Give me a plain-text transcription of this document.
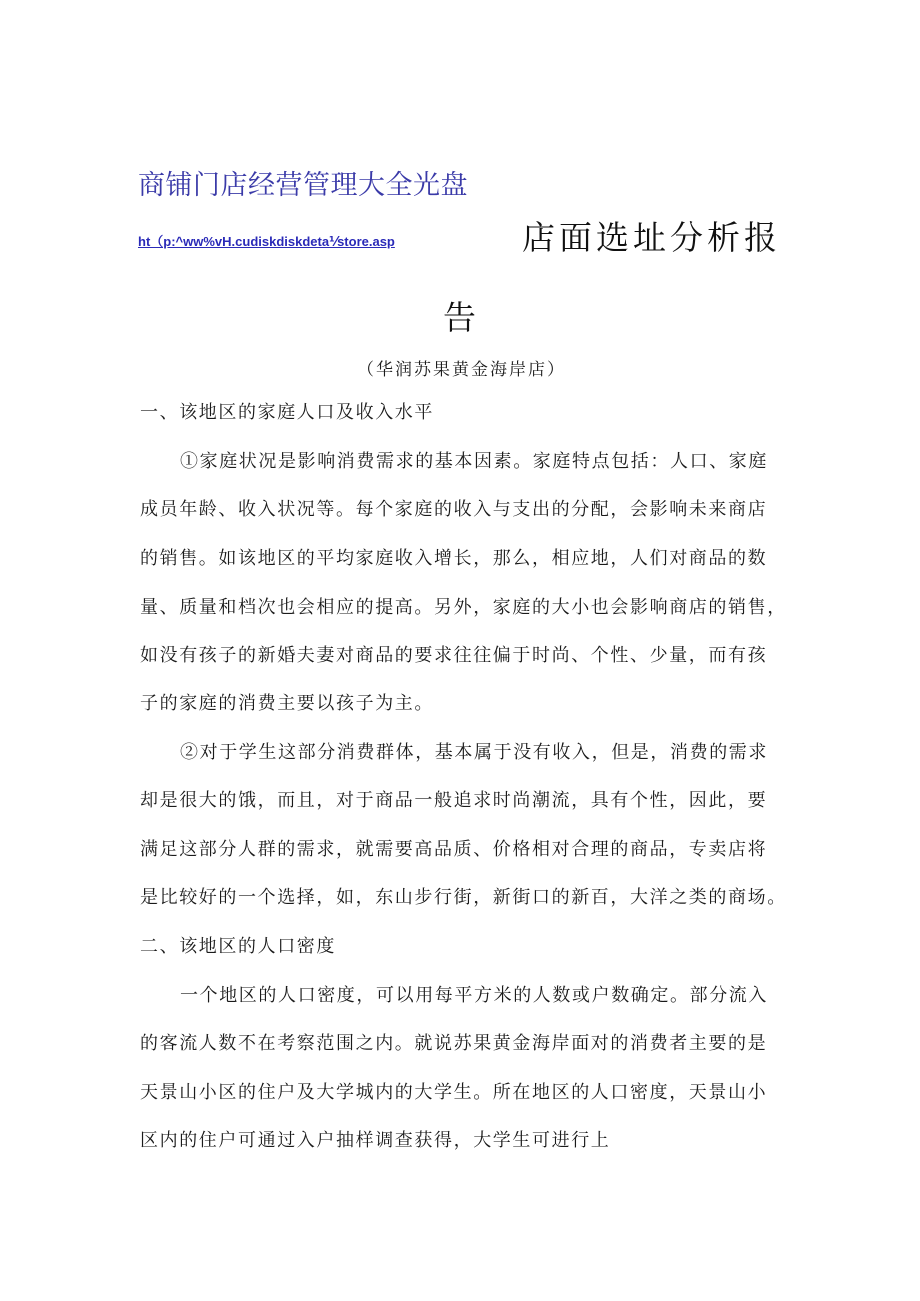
商铺门店经营管理大全光盘
ht（p:^ww%vH.cudiskdiskdeta⅟store.asp	店面选址分析报
告
（华润苏果黄金海岸店）
一、该地区的家庭人口及收入水平
①家庭状况是影响消费需求的基本因素。家庭特点包括：人口、家庭
成员年龄、收入状况等。每个家庭的收入与支出的分配，会影响未来商店
的销售。如该地区的平均家庭收入增长，那么，相应地，人们对商品的数
量、质量和档次也会相应的提高。另外，家庭的大小也会影响商店的销售，
如没有孩子的新婚夫妻对商品的要求往往偏于时尚、个性、少量，而有孩
子的家庭的消费主要以孩子为主。
②对于学生这部分消费群体，基本属于没有收入，但是，消费的需求
却是很大的饿，而且，对于商品一般追求时尚潮流，具有个性，因此，要
满足这部分人群的需求，就需要高品质、价格相对合理的商品，专卖店将
是比较好的一个选择，如，东山步行街，新街口的新百，大洋之类的商场。
二、该地区的人口密度
一个地区的人口密度，可以用每平方米的人数或户数确定。部分流入
的客流人数不在考察范围之内。就说苏果黄金海岸面对的消费者主要的是
天景山小区的住户及大学城内的大学生。所在地区的人口密度，天景山小
区内的住户可通过入户抽样调查获得，大学生可进行上
